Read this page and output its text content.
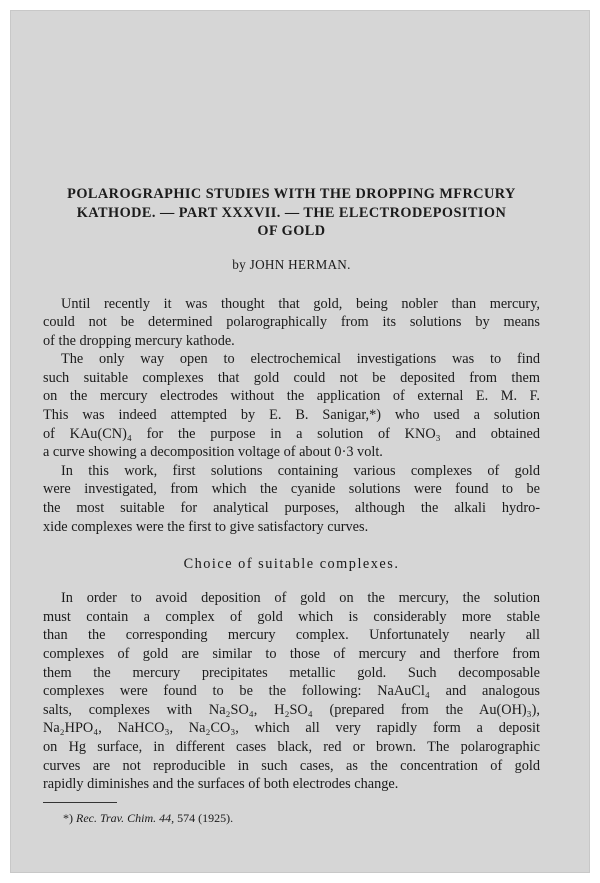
POLAROGRAPHIC STUDIES WITH THE DROPPING MFRCURY
KATHODE. — PART XXXVII. — THE ELECTRODEPOSITION
OF GOLD
by JOHN HERMAN.

Until recently it was thought that gold, being nobler than mercury,
could not be determined polarographically from its solutions by means
of the dropping mercury kathode.

The only way open to electrochemical investigations was to find
such suitable complexes that gold could not be deposited from them
on the mercury electrodes without the application of external E. M. F.
This was indeed attempted by E. B. Sanigar,*) who used a solution
of KAu(CN)₄ for the purpose in a solution of KNO₃ and obtained
a curve showing a decomposition voltage of about 0·3 volt.

In this work, first solutions containing various complexes of gold
were investigated, from which the cyanide solutions were found to be
the most suitable for analytical purposes, although the alkali hydro-
xide complexes were the first to give satisfactory curves.

Choice of suitable complexes.

In order to avoid deposition of gold on the mercury, the solution
must contain a complex of gold which is considerably more stable
than the corresponding mercury complex. Unfortunately nearly all
complexes of gold are similar to those of mercury and therfore from
them the mercury precipitates metallic gold. Such decomposable
complexes were found to be the following: NaAuCl₄ and analogous
salts, complexes with Na₂SO₄, H₂SO₄ (prepared from the Au(OH)₃),
Na₂HPO₄, NaHCO₃, Na₂CO₃, which all very rapidly form a deposit
on Hg surface, in different cases black, red or brown. The polarographic
curves are not reproducible in such cases, as the concentration of gold
rapidly diminishes and the surfaces of both electrodes change.

*) Rec. Trav. Chim. 44, 574 (1925).
